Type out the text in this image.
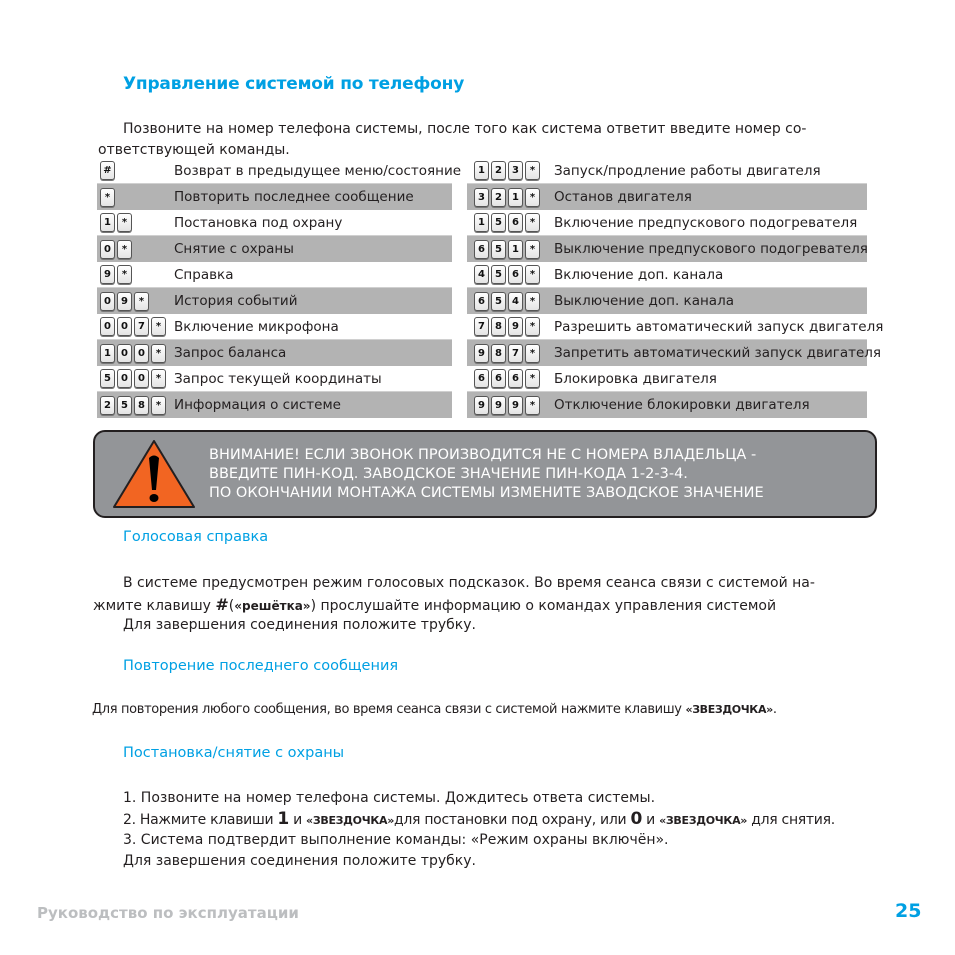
Управление системой по телефону
Позвоните на номер телефона системы, после того как система ответит введите номер со-
ответствующей команды.
#	Возврат в предыдущее меню/состояние
*	Повторить последнее сообщение
1	*	Постановка под охрану
0	*	Снятие с охраны
9	*	Справка
0	9	*	История событий
0	0	7	* Включение микрофона
1	0	0	* Запрос баланса
5	0	0	* Запрос текущей координаты
2	5	8	* Информация о системе
1	2	3	*	Запуск/продление работы двигателя
3	2	1	*	Останов двигателя
1	5	6	*	Включение предпускового подогревателя
6	5	1	*	Выключение предпускового подогревателя
4	5	6	*	Включение доп. канала
6	5	4	*	Выключение доп. канала
7	8	9	*	Разрешить автоматический запуск двигателя
9	8	7	*	Запретить автоматический запуск двигателя
6	6	6	*	Блокировка двигателя
9	9	9	*	Отключение блокировки двигателя
ВНИМАНИЕ! ЕСЛИ ЗВОНОК ПРОИЗВОДИТСЯ НЕ С НОМЕРА ВЛАДЕЛЬЦА -
ВВЕДИТЕ ПИН-КОД. ЗАВОДСКОЕ ЗНАЧЕНИЕ ПИН-КОДА 1-2-3-4.
ПО ОКОНЧАНИИ МОНТАЖА СИСТЕМЫ ИЗМЕНИТЕ ЗАВОДСКОЕ ЗНАЧЕНИЕ
Голосовая справка
В системе предусмотрен режим голосовых подсказок. Во время сеанса связи с системой на-
жмите клавишу #(«решётка») прослушайте информацию о командах управления системой
Для завершения соединения положите трубку.
Повторение последнего сообщения
Для повторения любого сообщения, во время сеанса связи с системой нажмите клавишу «ЗВЕЗДОЧКА».
Постановка/снятие с охраны
1. Позвоните на номер телефона системы. Дождитесь ответа системы.
2. Нажмите клавиши 1 и «ЗВЕЗДОЧКА»для постановки под охрану, или 0 и «ЗВЕЗДОЧКА» для снятия.
3. Система подтвердит выполнение команды: «Режим охраны включён».
Для завершения соединения положите трубку.
Руководство по эксплуатации	25
